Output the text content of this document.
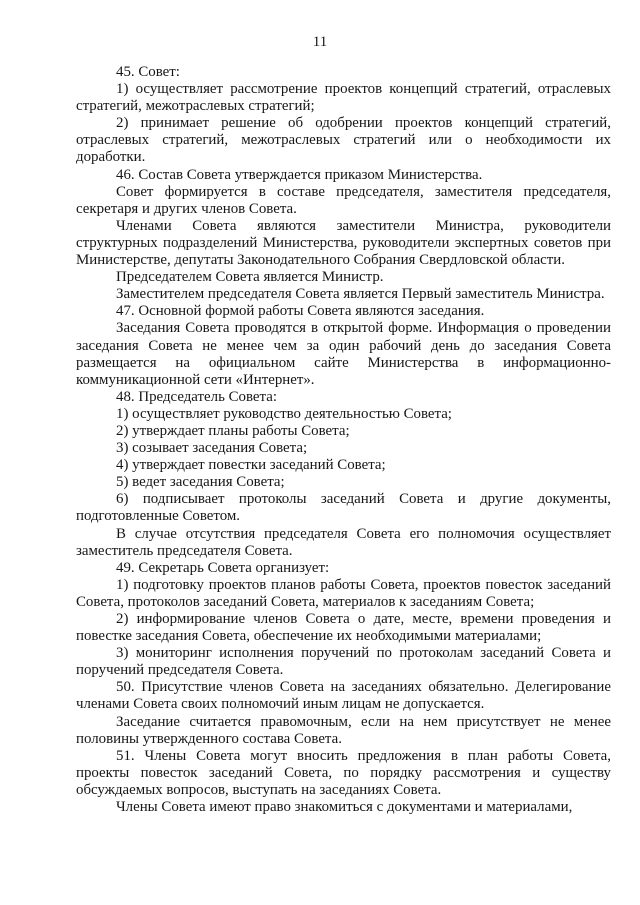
11

45. Совет:

1) осуществляет рассмотрение проектов концепций стратегий, отраслевых стратегий, межотраслевых стратегий;

2) принимает решение об одобрении проектов концепций стратегий, отраслевых стратегий, межотраслевых стратегий или о необходимости их доработки.

46. Состав Совета утверждается приказом Министерства.

Совет формируется в составе председателя, заместителя председателя, секретаря и других членов Совета.

Членами Совета являются заместители Министра, руководители структурных подразделений Министерства, руководители экспертных советов при Министерстве, депутаты Законодательного Собрания Свердловской области.

Председателем Совета является Министр.

Заместителем председателя Совета является Первый заместитель Министра.

47. Основной формой работы Совета являются заседания.

Заседания Совета проводятся в открытой форме. Информация о проведении заседания Совета не менее чем за один рабочий день до заседания Совета размещается на официальном сайте Министерства в информационно-коммуникационной сети «Интернет».

48. Председатель Совета:

1) осуществляет руководство деятельностью Совета;

2) утверждает планы работы Совета;

3) созывает заседания Совета;

4) утверждает повестки заседаний Совета;

5) ведет заседания Совета;

6) подписывает протоколы заседаний Совета и другие документы, подготовленные Советом.

В случае отсутствия председателя Совета его полномочия осуществляет заместитель председателя Совета.

49. Секретарь Совета организует:

1) подготовку проектов планов работы Совета, проектов повесток заседаний Совета, протоколов заседаний Совета, материалов к заседаниям Совета;

2) информирование членов Совета о дате, месте, времени проведения и повестке заседания Совета, обеспечение их необходимыми материалами;

3) мониторинг исполнения поручений по протоколам заседаний Совета и поручений председателя Совета.

50. Присутствие членов Совета на заседаниях обязательно. Делегирование членами Совета своих полномочий иным лицам не допускается.

Заседание считается правомочным, если на нем присутствует не менее половины утвержденного состава Совета.

51. Члены Совета могут вносить предложения в план работы Совета, проекты повесток заседаний Совета, по порядку рассмотрения и существу обсуждаемых вопросов, выступать на заседаниях Совета.

Члены Совета имеют право знакомиться с документами и материалами,
